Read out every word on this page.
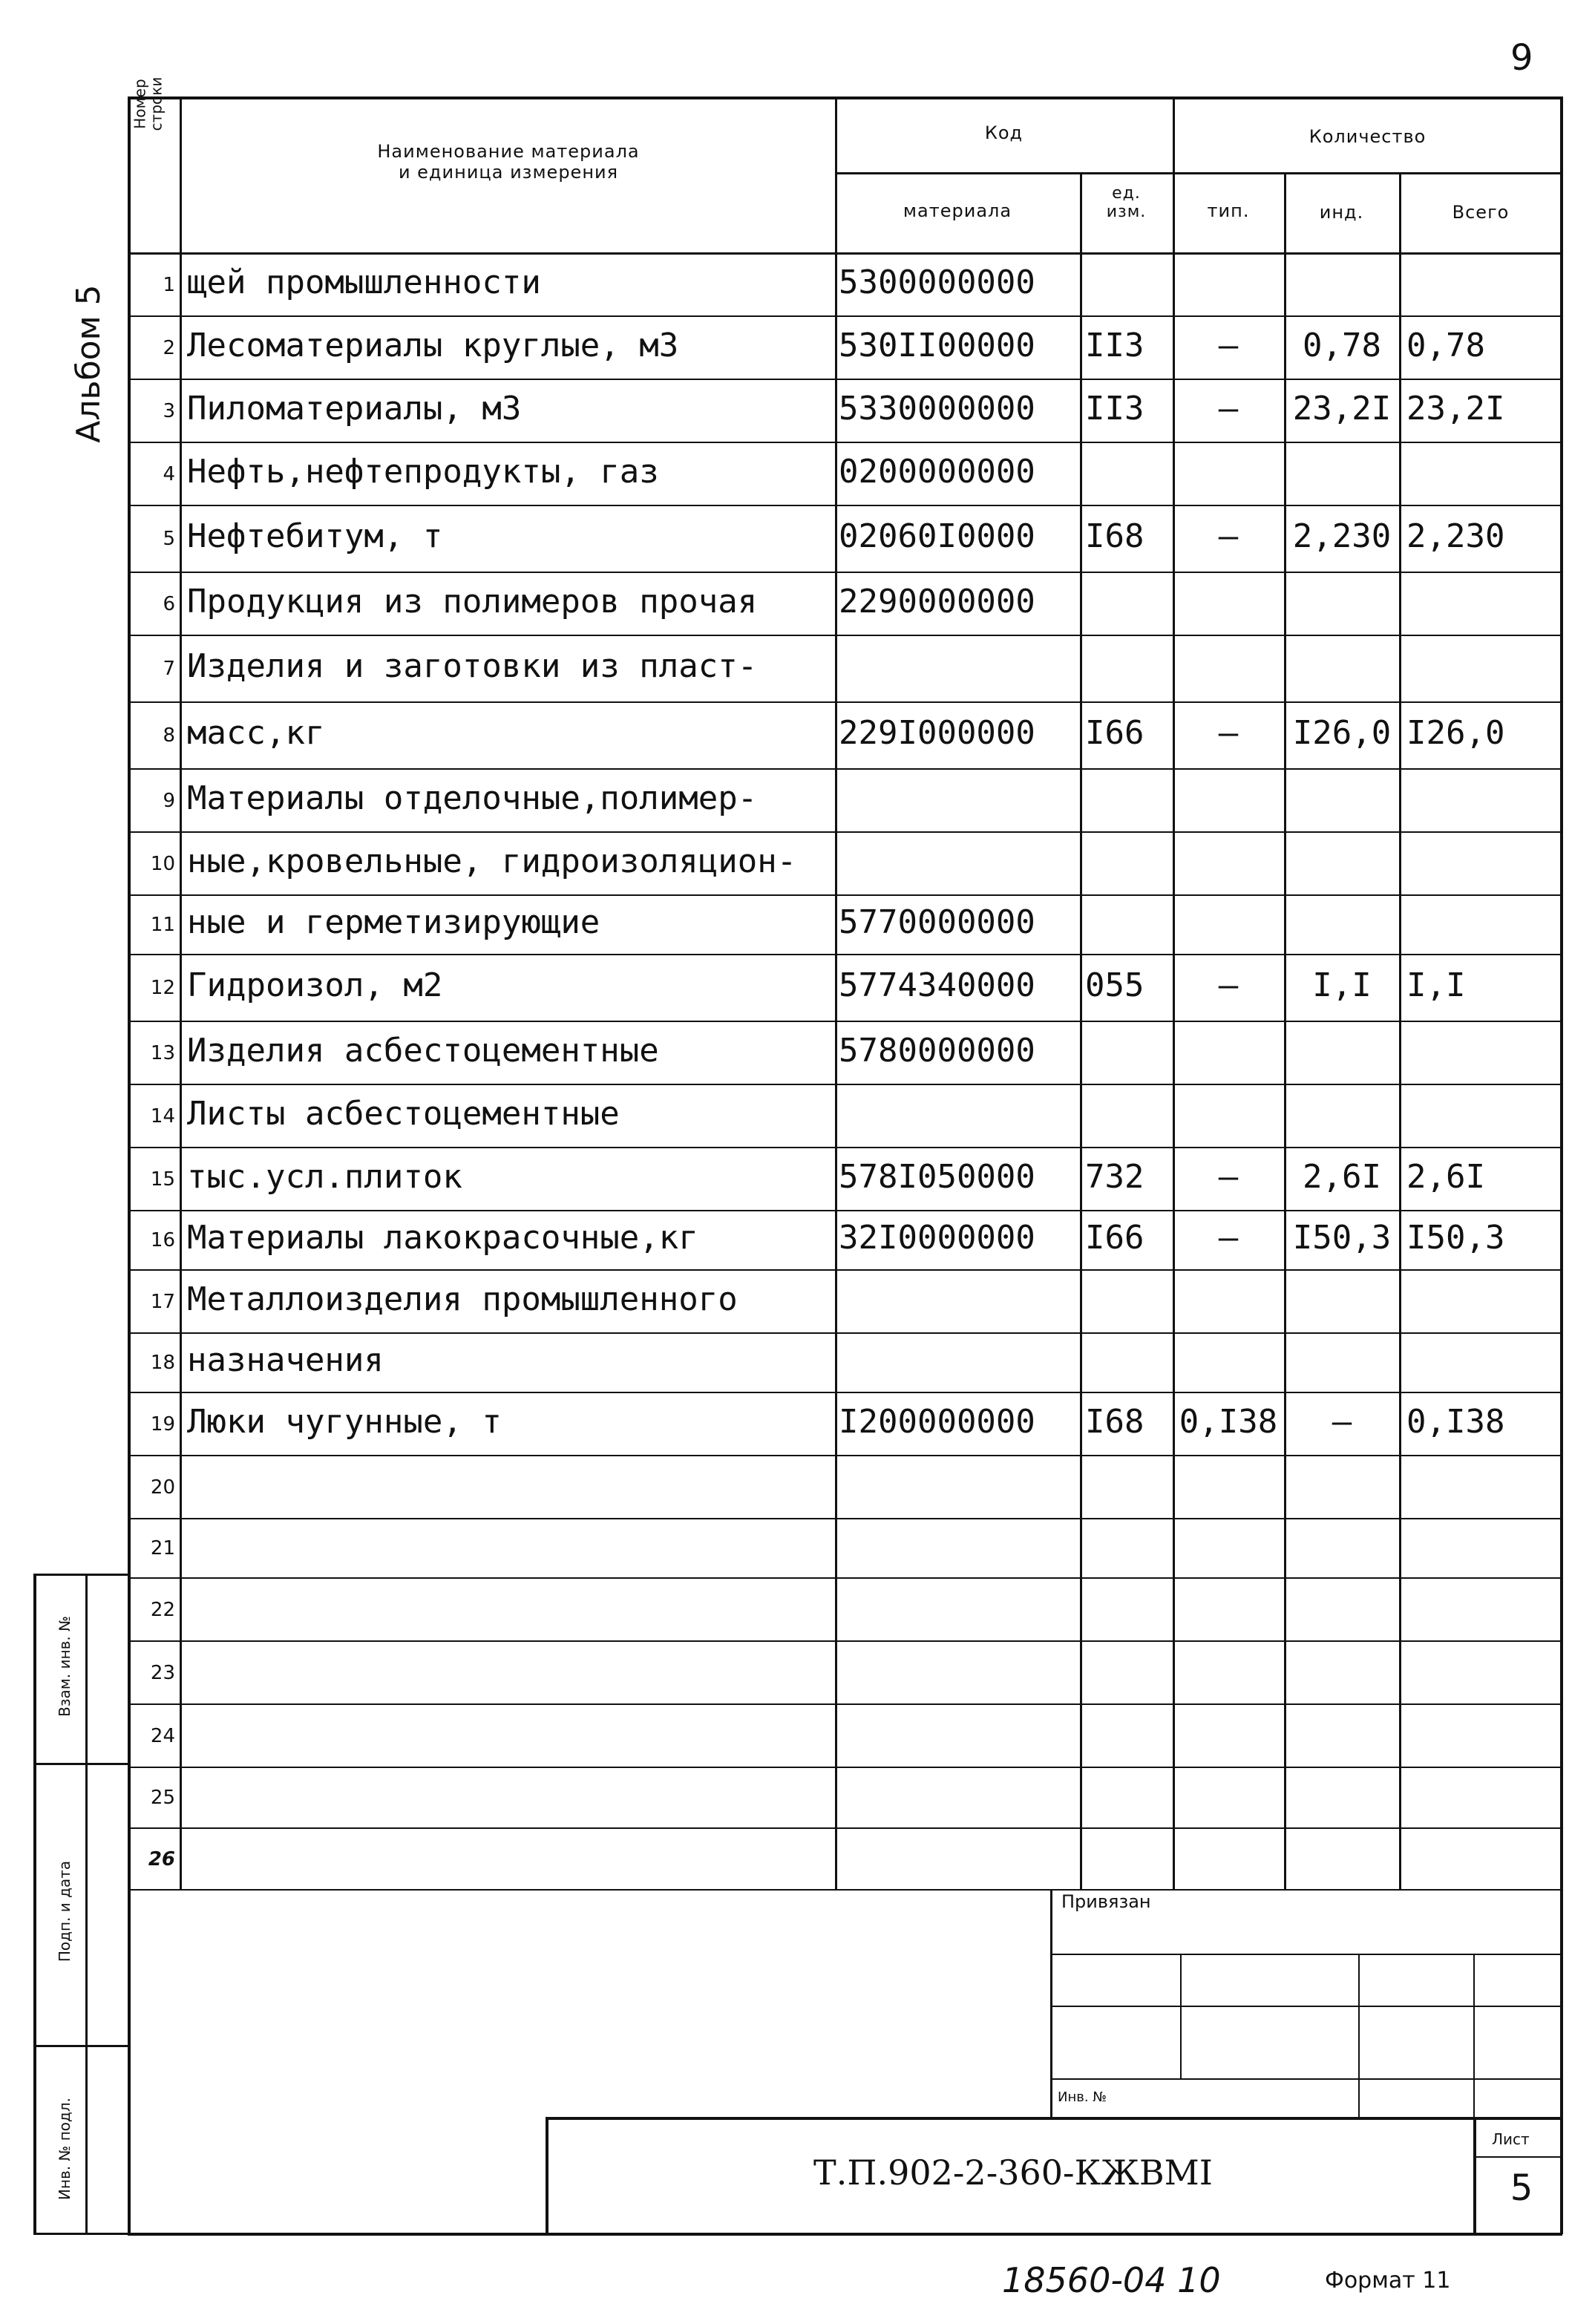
9
Альбом 5
Номер строки
Наименование материала
и единица измерения
Код	Количество
материала
ед.
изм.	тип.	инд.	Всего
1 щей промышленности	5300000000
2 Лесоматериалы круглые, м3	530II00000	II3	–	0,78 0,78
3 Пиломатериалы, м3	5330000000	II3	–	23,2I 23,2I
4 Нефть,нефтепродукты, газ	0200000000
5 Нефтебитум, т	02060I0000	I68	–	2,230 2,230
6 Продукция из полимеров прочая	2290000000
7 Изделия и заготовки из пласт-
8 масс,кг	229I000000	I66	–	I26,0 I26,0
9 Материалы отделочные,полимер-
10 ные,кровельные, гидроизоляцион-
11 ные и герметизирующие	5770000000
12 Гидроизол, м2	5774340000	055	–	I,I	I,I
13 Изделия асбестоцементные	5780000000
14 Листы асбестоцементные
15 тыс.усл.плиток	578I050000	732	–	2,6I 2,6I
16 Материалы лакокрасочные,кг	32I0000000	I66	–	I50,3 I50,3
17 Металлоизделия промышленного
18 назначения
19 Люки чугунные, т	I200000000	I68	0,I38	–	0,I38
20
21
22
23
24
25
26
Взам. инв. №
Подп. и дата
Инв. № подл.
Привязан
Инв. №
Т.П.902-2-360-КЖВМI
Лист
5
18560-04 10	Формат 11
